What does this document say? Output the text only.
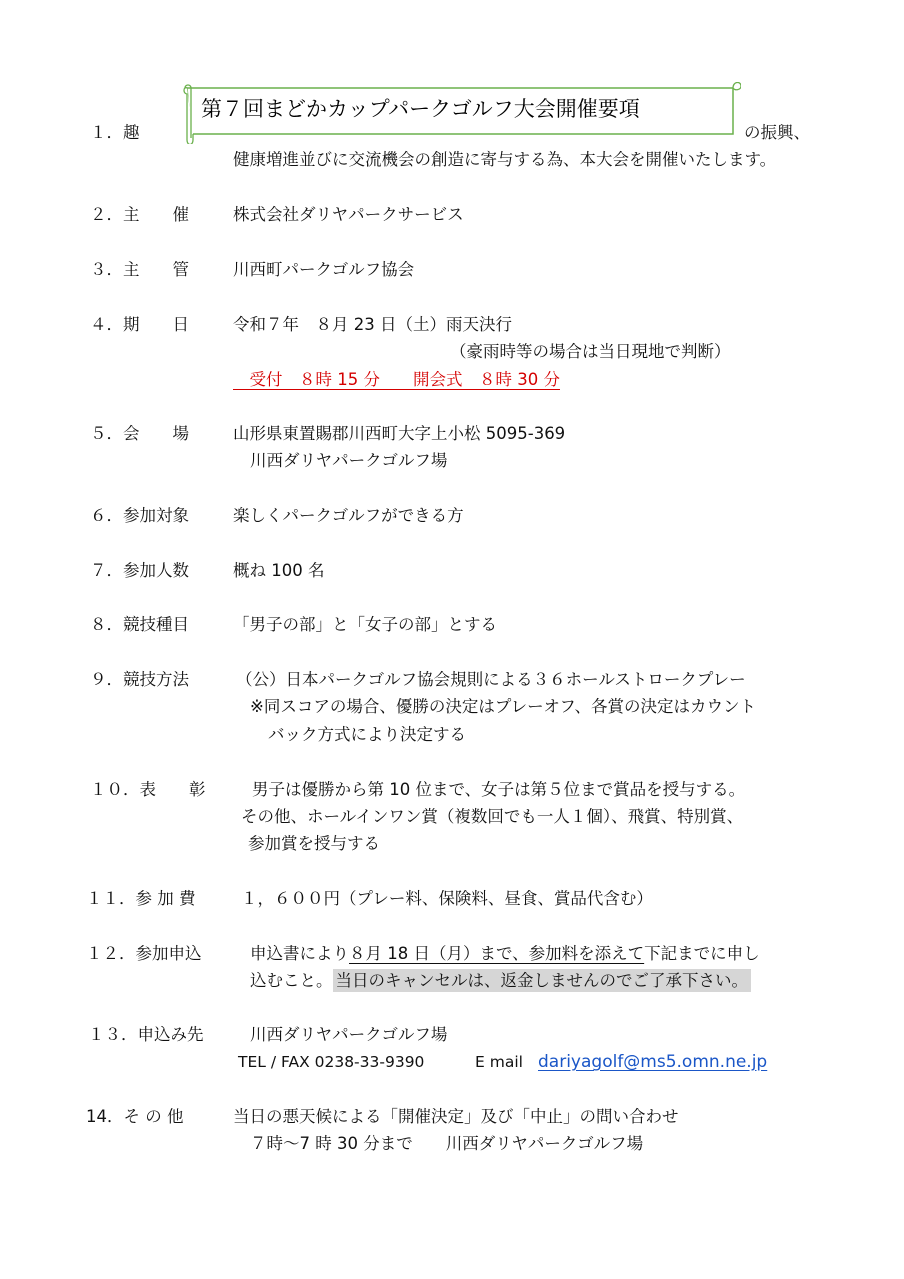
第７回まどかカップパークゴルフ大会開催要項
１．趣	の振興、
健康増進並びに交流機会の創造に寄与する為、本大会を開催いたします。
２．主　　催	株式会社ダリヤパークサービス
３．主　　管	川西町パークゴルフ協会
４．期　　日	令和７年　８月 23 日（土）雨天決行
（豪雨時等の場合は当日現地で判断）
　受付　８時 15 分　　開会式　８時 30 分
５．会　　場	山形県東置賜郡川西町大字上小松 5095-369
川西ダリヤパークゴルフ場
６．参加対象	楽しくパークゴルフができる方
７．参加人数	概ね 100 名
８．競技種目	「男子の部」と「女子の部」とする
９．競技方法	（公）日本パークゴルフ協会規則による３６ホールストロークプレー
※同スコアの場合、優勝の決定はプレーオフ、各賞の決定はカウント
バック方式により決定する
１０．表　　彰	男子は優勝から第 10 位まで、女子は第５位まで賞品を授与する。
その他、ホールインワン賞（複数回でも一人１個）、飛賞、特別賞、
参加賞を授与する
１１．参 加 費	１，６００円（プレー料、保険料、昼食、賞品代含む）
１２．参加申込	申込書により８月 18 日（月）まで、参加料を添えて下記までに申し
込むこと。 当日のキャンセルは、返金しませんのでご了承下さい。
１３．申込み先	川西ダリヤパークゴルフ場
TEL / FAX 0238-33-9390	E mail dariyagolf@ms5.omn.ne.jp
14．そ の 他	当日の悪天候による「開催決定」及び「中止」の問い合わせ
７時〜7 時 30 分まで　　川西ダリヤパークゴルフ場
